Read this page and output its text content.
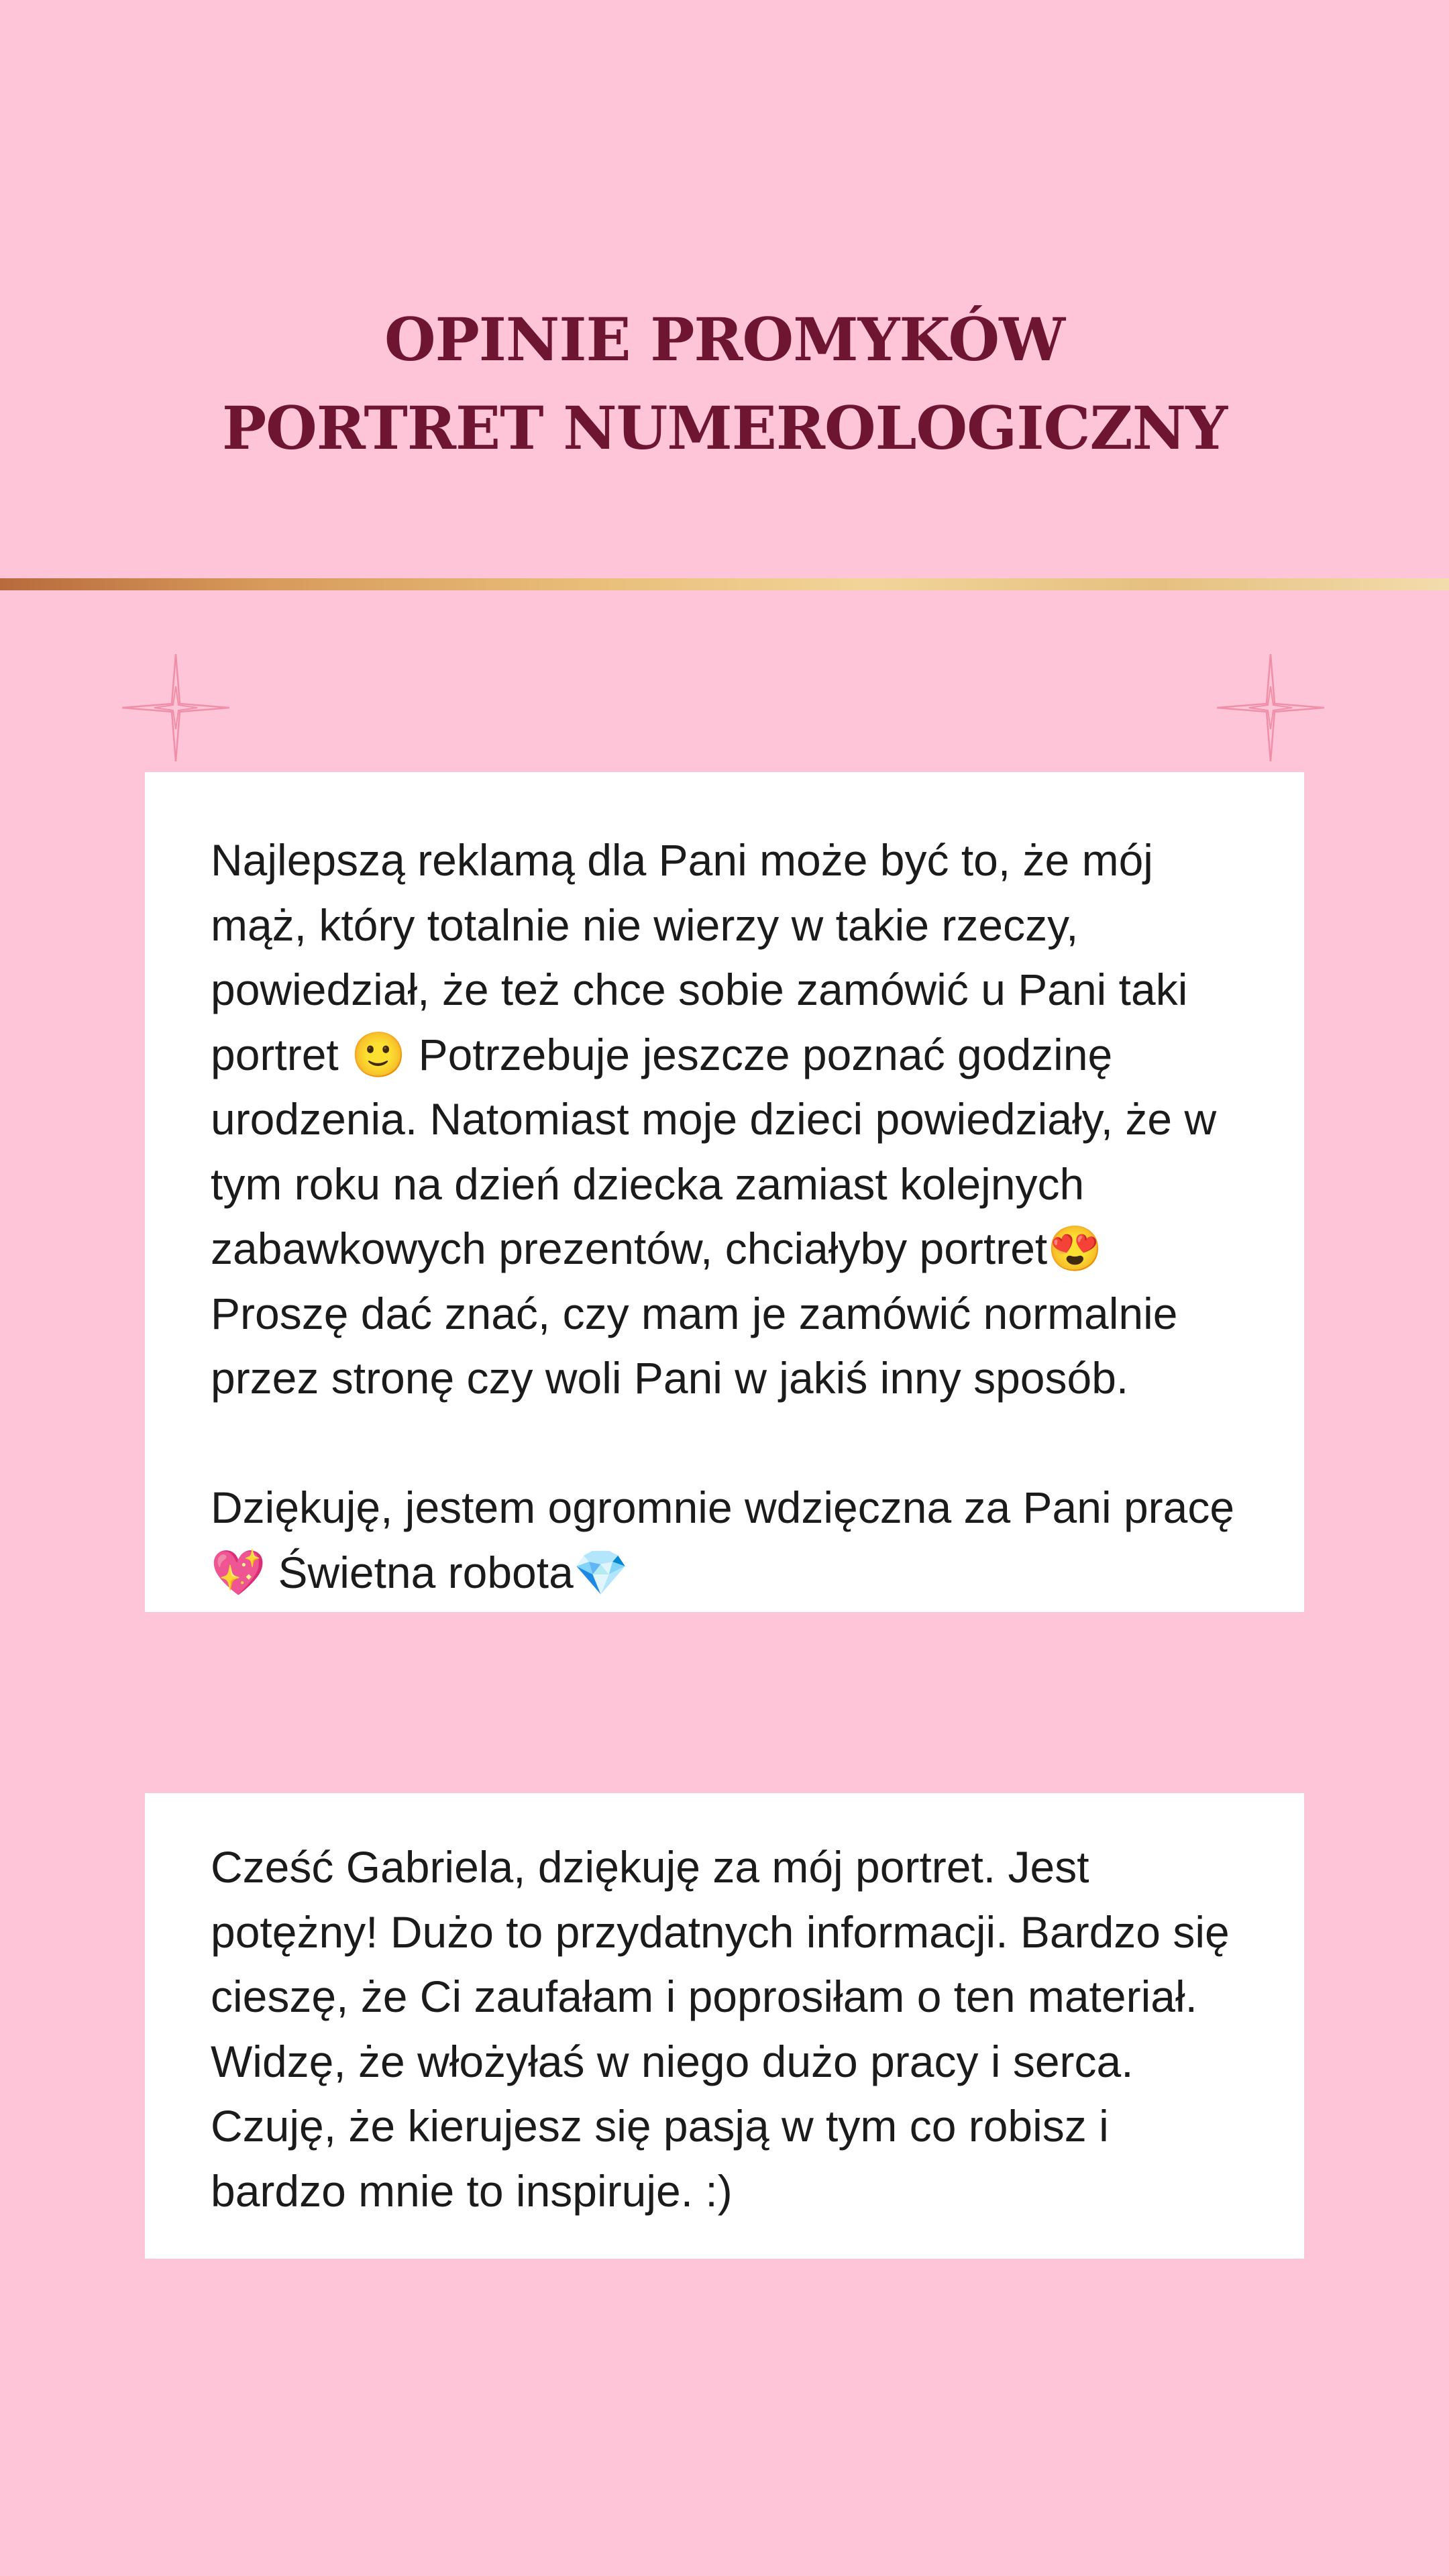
OPINIE PROMYKÓW
PORTRET NUMEROLOGICZNY

Najlepszą reklamą dla Pani może być to, że mój mąż, który totalnie nie wierzy w takie rzeczy, powiedział, że też chce sobie zamówić u Pani taki portret 🙂 Potrzebuje jeszcze poznać godzinę urodzenia. Natomiast moje dzieci powiedziały, że w tym roku na dzień dziecka zamiast kolejnych zabawkowych prezentów, chciałyby portret😍 Proszę dać znać, czy mam je zamówić normalnie przez stronę czy woli Pani w jakiś inny sposób.

Dziękuję, jestem ogromnie wdzięczna za Pani pracę💖 Świetna robota💎

Cześć Gabriela, dziękuję za mój portret. Jest potężny! Dużo to przydatnych informacji. Bardzo się cieszę, że Ci zaufałam i poprosiłam o ten materiał. Widzę, że włożyłaś w niego dużo pracy i serca. Czuję, że kierujesz się pasją w tym co robisz i bardzo mnie to inspiruje. :)
